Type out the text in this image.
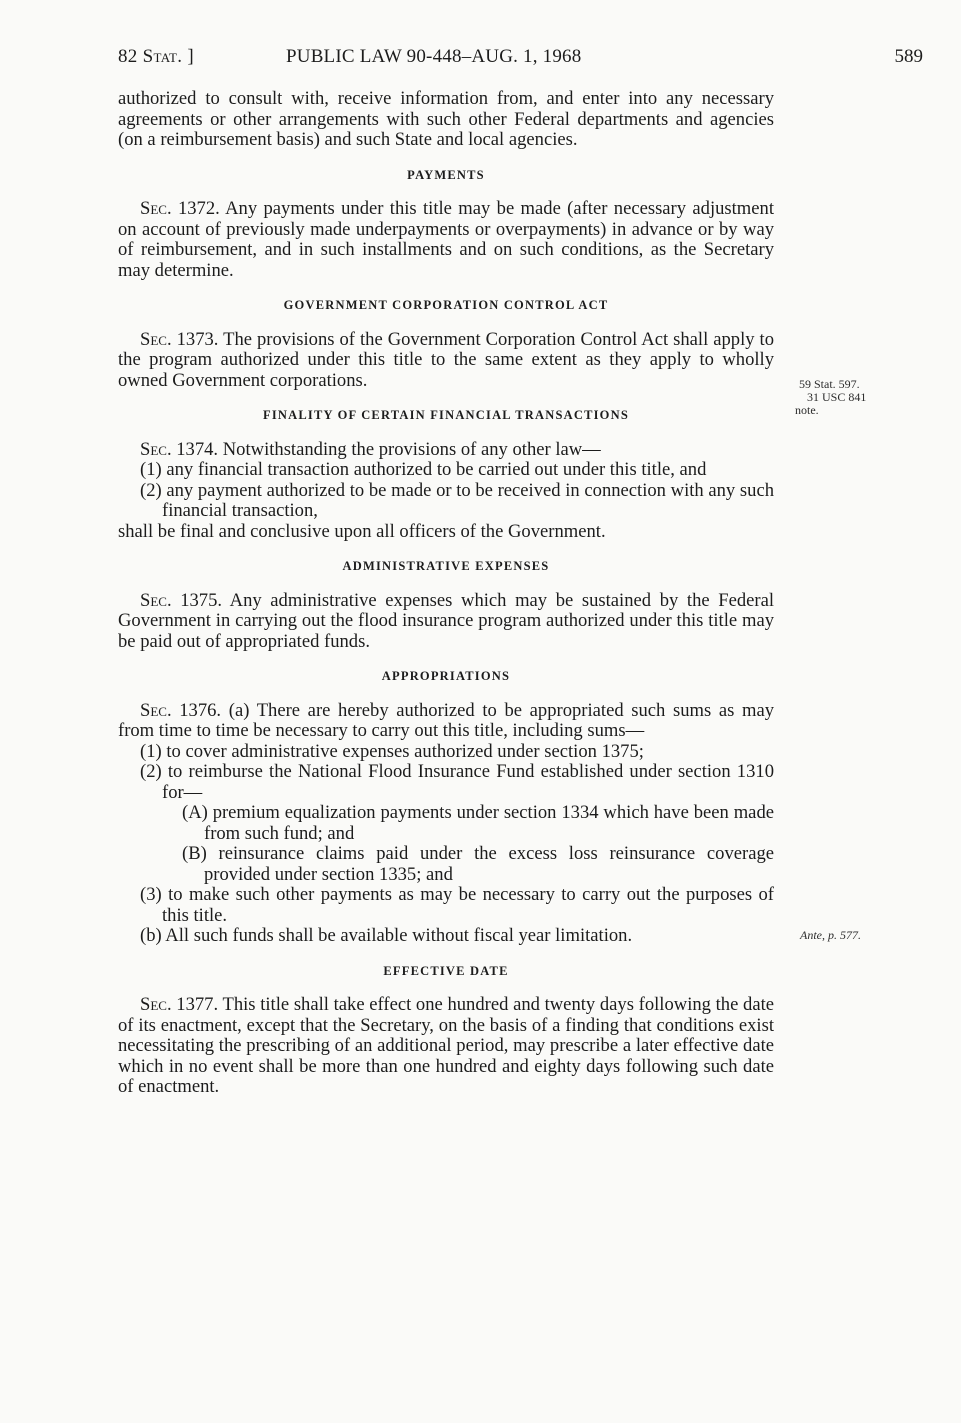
82 Stat. ]	PUBLIC LAW 90-448–AUG. 1, 1968	589

authorized to consult with, receive information from, and enter into any necessary agreements or other arrangements with such other Federal departments and agencies (on a reimbursement basis) and such State and local agencies.

PAYMENTS

Sec. 1372. Any payments under this title may be made (after necessary adjustment on account of previously made underpayments or overpayments) in advance or by way of reimbursement, and in such installments and on such conditions, as the Secretary may determine.

GOVERNMENT CORPORATION CONTROL ACT

Sec. 1373. The provisions of the Government Corporation Control Act shall apply to the program authorized under this title to the same extent as they apply to wholly owned Government corporations.

FINALITY OF CERTAIN FINANCIAL TRANSACTIONS

Sec. 1374. Notwithstanding the provisions of any other law—

(1) any financial transaction authorized to be carried out under this title, and

(2) any payment authorized to be made or to be received in connection with any such financial transaction,

shall be final and conclusive upon all officers of the Government.

ADMINISTRATIVE EXPENSES

Sec. 1375. Any administrative expenses which may be sustained by the Federal Government in carrying out the flood insurance program authorized under this title may be paid out of appropriated funds.

APPROPRIATIONS

Sec. 1376. (a) There are hereby authorized to be appropriated such sums as may from time to time be necessary to carry out this title, including sums—

(1) to cover administrative expenses authorized under section 1375;

(2) to reimburse the National Flood Insurance Fund established under section 1310 for—

(A) premium equalization payments under section 1334 which have been made from such fund; and

(B) reinsurance claims paid under the excess loss reinsurance coverage provided under section 1335; and

(3) to make such other payments as may be necessary to carry out the purposes of this title.

(b) All such funds shall be available without fiscal year limitation.

EFFECTIVE DATE

Sec. 1377. This title shall take effect one hundred and twenty days following the date of its enactment, except that the Secretary, on the basis of a finding that conditions exist necessitating the prescribing of an additional period, may prescribe a later effective date which in no event shall be more than one hundred and eighty days following such date of enactment.

59 Stat. 597.
31 USC 841
note.
Ante, p. 577.
